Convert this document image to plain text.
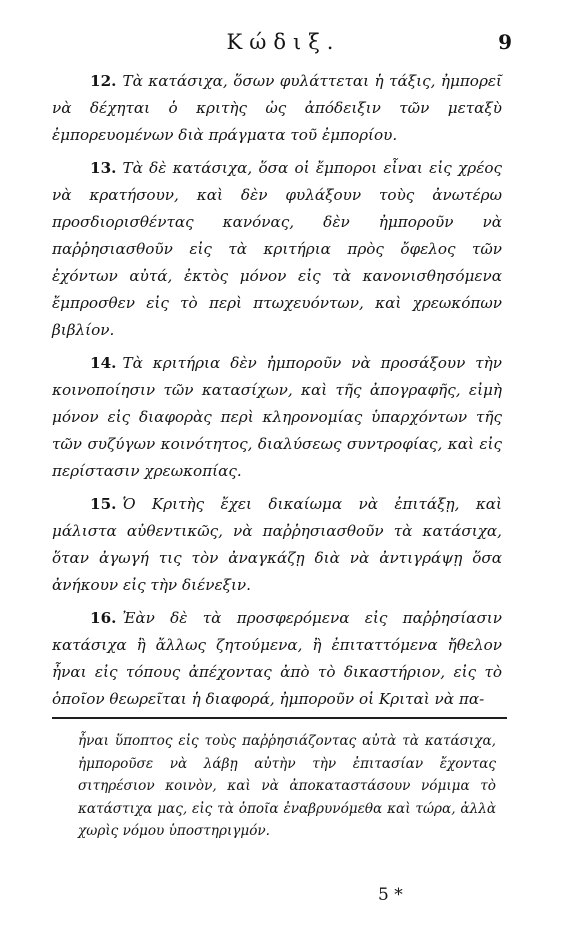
Κώδιξ.	9

12. Τὰ κατάσιχα, ὅσων φυλάττεται ἡ τάξις, ἠμπορεῖ νὰ δέχηται ὁ κριτὴς ὡς ἀπόδειξιν τῶν μεταξὺ ἐμπορευομένων διὰ πράγματα τοῦ ἐμπορίου.

13. Τὰ δὲ κατάσιχα, ὅσα οἱ ἔμποροι εἶναι εἰς χρέος νὰ κρατήσουν, καὶ δὲν φυλάξουν τοὺς ἀνωτέρω προσδιορισθέντας κανόνας, δὲν ἠμποροῦν νὰ παῤῥησιασθοῦν εἰς τὰ κριτήρια πρὸς ὄφελος τῶν ἐχόντων αὐτά, ἐκτὸς μόνον εἰς τὰ κανονισθησόμενα ἔμπροσθεν εἰς τὸ περὶ πτωχευόντων, καὶ χρεωκόπων βιβλίον.

14. Τὰ κριτήρια δὲν ἠμποροῦν νὰ προσάξουν τὴν κοινοποίησιν τῶν κατασίχων, καὶ τῆς ἀπογραφῆς, εἰμὴ μόνον εἰς διαφορὰς περὶ κληρονομίας ὑπαρχόντων τῆς τῶν συζύγων κοινότητος, διαλύσεως συντροφίας, καὶ εἰς περίστασιν χρεωκοπίας.

15. Ὁ Κριτὴς ἔχει δικαίωμα νὰ ἐπιτάξῃ, καὶ μάλιστα αὐθεντικῶς, νὰ παῤῥησιασθοῦν τὰ κατάσιχα, ὅταν ἀγωγή τις τὸν ἀναγκάζῃ διὰ νὰ ἀντιγράψῃ ὅσα ἀνήκουν εἰς τὴν διένεξιν.

16. Ἐὰν δὲ τὰ προσφερόμενα εἰς παῤῥησίασιν κατάσιχα ἢ ἄλλως ζητούμενα, ἢ ἐπιταττόμενα ἤθελον ἦναι εἰς τόπους ἀπέχοντας ἀπὸ τὸ δικαστήριον, εἰς τὸ ὁποῖον θεωρεῖται ἡ διαφορά, ἠμποροῦν οἱ Κριταὶ νὰ πα-

ἦναι ὕποπτος εἰς τοὺς παῤῥησιάζοντας αὐτὰ τὰ κατάσιχα, ἠμποροῦσε νὰ λάβῃ αὐτὴν τὴν ἐπιτασίαν ἔχοντας σιτηρέσιον κοινὸν, καὶ νὰ ἀποκαταστάσουν νόμιμα τὸ κατάστιχα μας, εἰς τὰ ὁποῖα ἐναβρυνόμεθα καὶ τώρα, ἀλλὰ χωρὶς νόμου ὑποστηριγμόν.
5 *
